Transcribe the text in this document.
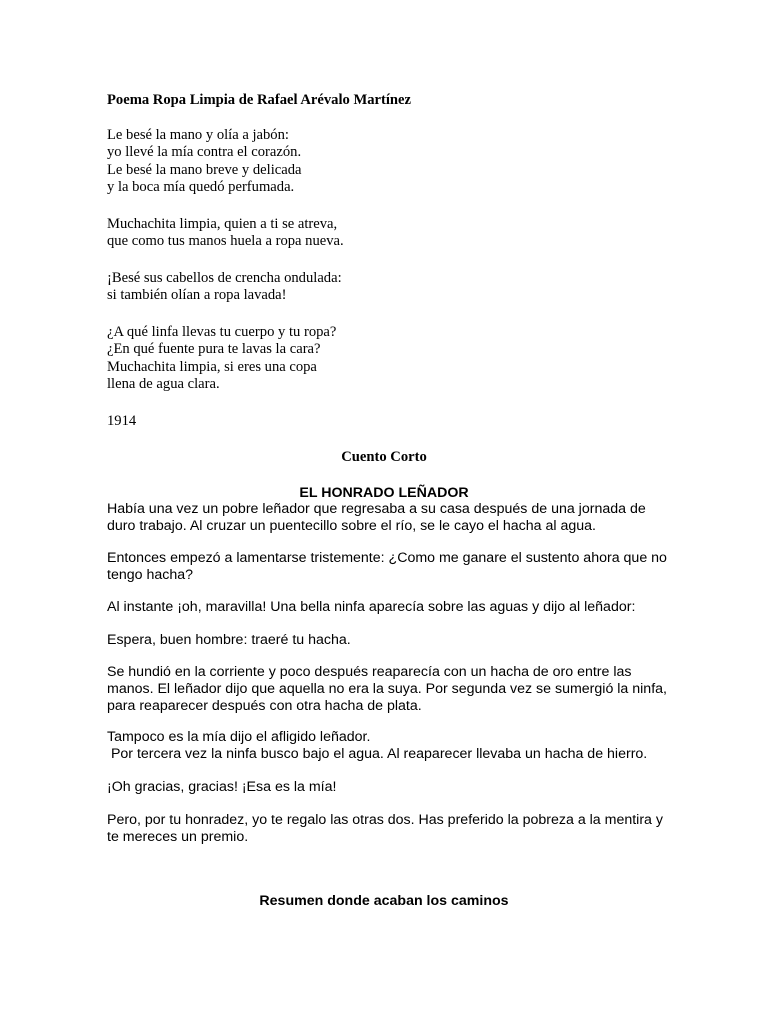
Poema Ropa Limpia de Rafael Arévalo Martínez
Le besé la mano y olía a jabón:
yo llevé la mía contra el corazón.
Le besé la mano breve y delicada
y la boca mía quedó perfumada.
Muchachita limpia, quien a ti se atreva,
que como tus manos huela a ropa nueva.
¡Besé sus cabellos de crencha ondulada:
si también olían a ropa lavada!
¿A qué linfa llevas tu cuerpo y tu ropa?
¿En qué fuente pura te lavas la cara?
Muchachita limpia, si eres una copa
llena de agua clara.
1914
Cuento Corto
EL HONRADO LEÑADOR
Había una vez un pobre leñador que regresaba a su casa después de una jornada de
duro trabajo. Al cruzar un puentecillo sobre el río, se le cayo el hacha al agua.
Entonces empezó a lamentarse tristemente: ¿Como me ganare el sustento ahora que no
tengo hacha?
Al instante ¡oh, maravilla! Una bella ninfa aparecía sobre las aguas y dijo al leñador:
Espera, buen hombre: traeré tu hacha.
Se hundió en la corriente y poco después reaparecía con un hacha de oro entre las
manos. El leñador dijo que aquella no era la suya. Por segunda vez se sumergió la ninfa,
para reaparecer después con otra hacha de plata.
Tampoco es la mía dijo el afligido leñador.
Por tercera vez la ninfa busco bajo el agua. Al reaparecer llevaba un hacha de hierro.
¡Oh gracias, gracias! ¡Esa es la mía!
Pero, por tu honradez, yo te regalo las otras dos. Has preferido la pobreza a la mentira y
te mereces un premio.
Resumen donde acaban los caminos
